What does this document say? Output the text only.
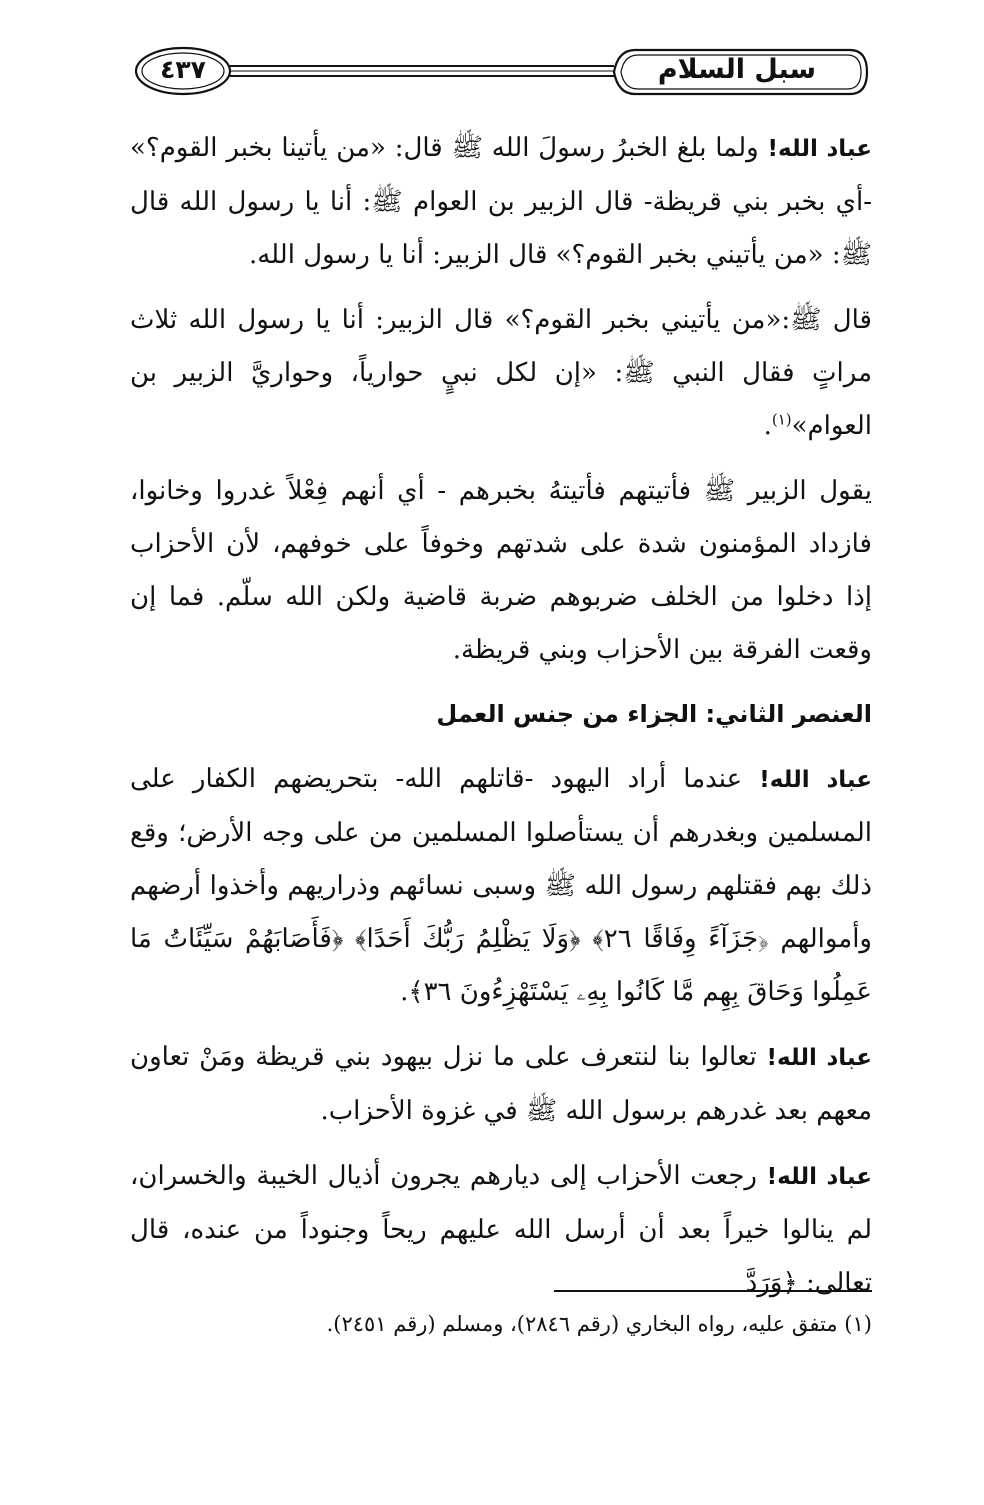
٤٣٧	سبل السلام

عباد الله! ولما بلغ الخبرُ رسولَ الله ﷺ قال: «من يأتينا بخبر القوم؟» -أي بخبر بني قريظة- قال الزبير بن العوام ﷺ: أنا يا رسول الله قال ﷺ: «من يأتيني بخبر القوم؟» قال الزبير: أنا يا رسول الله.

قال ﷺ:«من يأتيني بخبر القوم؟» قال الزبير: أنا يا رسول الله ثلاث مراتٍ فقال النبي ﷺ: «إن لكل نبيٍ حوارياً، وحواريَّ الزبير بن العوام»$^{(١)}$.

يقول الزبير ﷺ فأتيتهم فأتيتهُ بخبرهم - أي أنهم فِعْلاً غدروا وخانوا، فازداد المؤمنون شدة على شدتهم وخوفاً على خوفهم، لأن الأحزاب إذا دخلوا من الخلف ضربوهم ضربة قاضية ولكن الله سلّم. فما إن وقعت الفرقة بين الأحزاب وبني قريظة.

العنصر الثاني: الجزاء من جنس العمل

عباد الله! عندما أراد اليهود -قاتلهم الله- بتحريضهم الكفار على المسلمين وبغدرهم أن يستأصلوا المسلمين من على وجه الأرض؛ وقع ذلك بهم فقتلهم رسول الله ﷺ وسبى نسائهم وذراريهم وأخذوا أرضهم وأموالهم ﴿جَزَآءً وِفَاقًا ٢٦﴾ ﴿وَلَا يَظْلِمُ رَبُّكَ أَحَدًا﴾ ﴿فَأَصَابَهُمْ سَيِّئَاتُ مَا عَمِلُوا وَحَاقَ بِهِم مَّا كَانُوا بِهِۦ يَسْتَهْزِءُونَ ٣٦﴾.

عباد الله! تعالوا بنا لنتعرف على ما نزل بيهود بني قريظة ومَنْ تعاون معهم بعد غدرهم برسول الله ﷺ في غزوة الأحزاب.

عباد الله! رجعت الأحزاب إلى ديارهم يجرون أذيال الخيبة والخسران، لم ينالوا خيراً بعد أن أرسل الله عليهم ريحاً وجنوداً من عنده، قال تعالى: ﴿وَرَدَّ

(١) متفق عليه، رواه البخاري (رقم ٢٨٤٦)، ومسلم (رقم ٢٤٥١).
